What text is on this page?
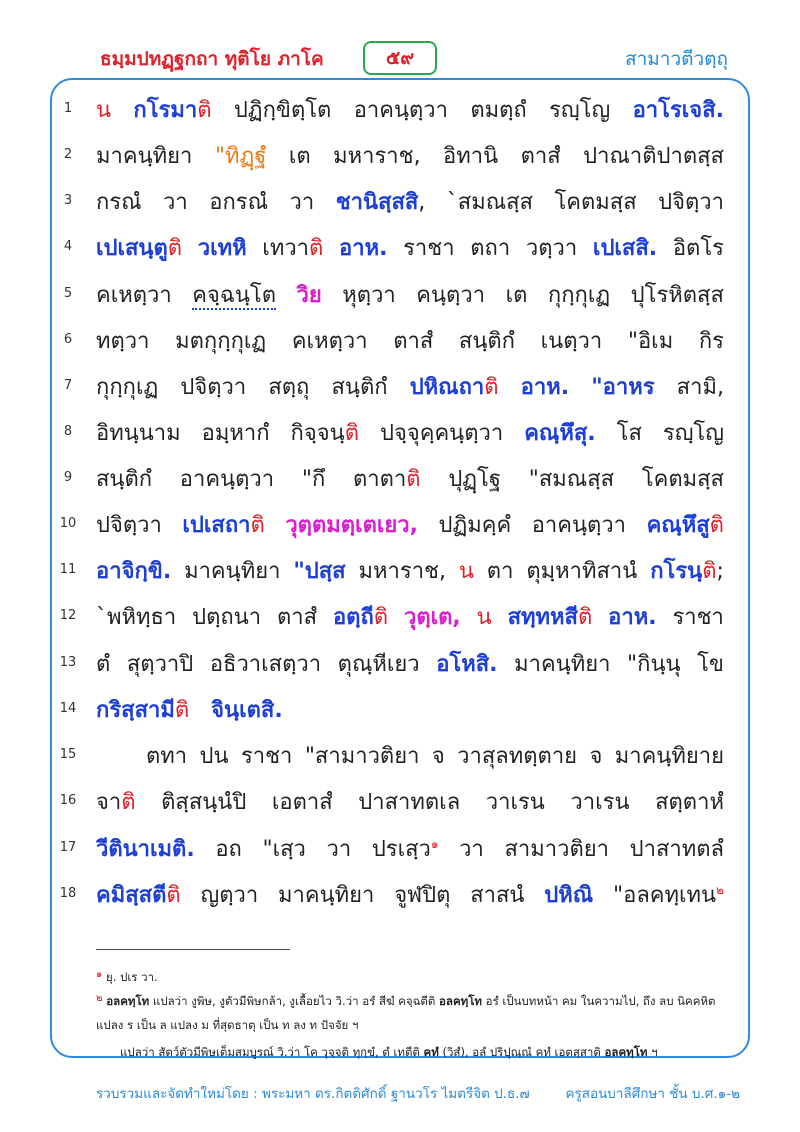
ธมฺมปทฏฺฐกถา ทุติโย ภาโค	๕๙	สามาวตีวตฺถุ
1	น กโรมาติ ปฏิกฺขิตฺโต อาคนฺตฺวา ตมตฺถํ รญฺโญ อาโรเจสิ.
2	มาคนฺทิยา "ทิฏฺฐํ เต มหาราช, อิทานิ ตาสํ ปาณาติปาตสฺส
3	กรณํ วา อกรณํ วา ชานิสฺสสิ, `สมณสฺส โคตมสฺส ปจิตฺวา
4	เปเสนฺตูติ วเทหิ เทวาติ อาห. ราชา ตถา วตฺวา เปเสสิ. อิตโร
5	คเหตฺวา คจฺฉนฺโต วิย หุตฺวา คนฺตฺวา เต กุกฺกุเฏ ปุโรหิตสฺส
6	ทตฺวา มตกุกฺกุเฏ คเหตฺวา ตาสํ สนฺติกํ เนตฺวา "อิเม กิร
7	กุกฺกุเฏ ปจิตฺวา สตฺถุ สนฺติกํ ปหิณถาติ อาห. "อาหร สามิ,
8	อิทนฺนาม อมฺหากํ กิจฺจนฺติ ปจฺจุคฺคนฺตฺวา คณฺหึสุ. โส รญฺโญ
9	สนฺติกํ อาคนฺตฺวา "กึ ตาตาติ ปุฏฺโฐ "สมณสฺส โคตมสฺส
10 ปจิตฺวา เปเสถาติ วุตฺตมตฺเตเยว, ปฏิมคฺคํ อาคนฺตฺวา คณฺหึสูติ
11 อาจิกฺขิ. มาคนฺทิยา "ปสฺส มหาราช, น ตา ตุมฺหาทิสานํ กโรนฺติ;
12 `พหิทฺธา ปตฺถนา ตาสํ อตฺถีติ วุตฺเต, น สทฺทหสีติ อาห. ราชา
13 ตํ สุตฺวาปิ อธิวาเสตฺวา ตุณฺหีเยว อโหสิ. มาคนฺทิยา "กินฺนุ โข
14 กริสฺสามีติ จินฺเตสิ.
15	ตทา ปน ราชา "สามาวติยา จ วาสุลทตฺตาย จ มาคนฺทิยาย
16 จาติ ติสฺสนฺนํปิ เอตาสํ ปาสาทตเล วาเรน วาเรน สตฺตาหํ
17 วีตินาเมติ. อถ "เสฺว วา ปรเสฺว$^๑$ วา สามาวติยา ปาสาทตลํ
18 คมิสฺสตีติ ญตฺวา มาคนฺทิยา จูฬปิตุ สาสนํ ปหิณิ "อลคทฺเทน$^๒$
$^๑$ ยุ. ปเร วา.
$^๒$ อลคทฺโท แปลว่า งูพิษ, งูตัวมีพิษกล้า, งูเลื้อยไว วิ.ว่า อรํ สีฆํ คจฺฉตีติ อลคทฺโท อรํ เป็นบทหน้า คม ในความไป, ถึง ลบ นิคคหิต
แปลง ร เป็น ล แปลง ม ที่สุดธาตุ เป็น ท ลง ท ปัจจัย ฯ
แปลว่า สัตว์ตัวมีพิษเต็มสมบูรณ์ วิ.ว่า โค วุจฺจติ ทุกฺขํ, ตํ เทตีติ คทํ (วิสํ), อลํ ปริปุณฺณํ คทํ เอตสฺสาติ อลคทฺโท ฯ
รวบรวมและจัดทำใหม่โดย : พระมหา ดร.กิตติศักดิ์ ฐานวโร ไมตรีจิต ป.ธ.๗	ครูสอนบาลีศึกษา ชั้น บ.ศ.๑-๒
